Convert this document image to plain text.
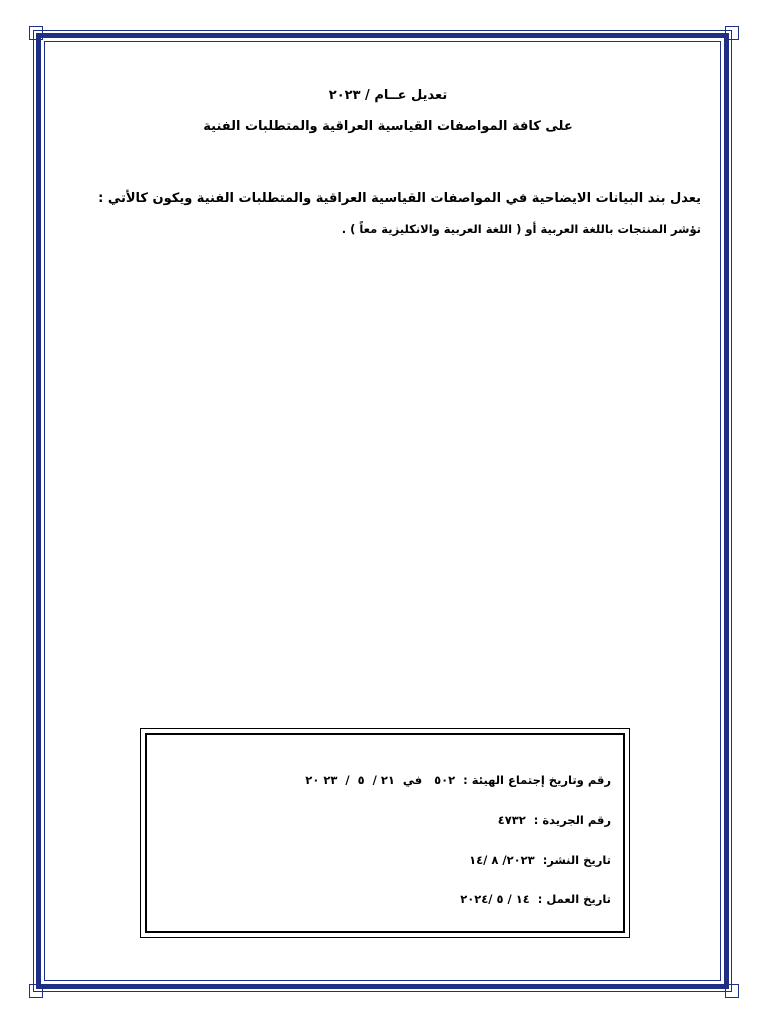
تعديل عــام / ٢٠٢٣
على كافة المواصفات القياسية العراقية والمتطلبات الفنية
يعدل بند البيانات الايضاحية في المواصفات القياسية العراقية والمتطلبات الفنية ويكون كالأتي :
تؤشر المنتجات باللغة العربية أو ( اللغة العربية والانكليزية معاً ) .
رقم وتاريخ إجتماع الهيئة :  ٥٠٢   في  ٢١ /  ٥  /  ٢٣ ٢٠
رقم الجريدة :  ٤٧٣٢
تاريخ النشر:  ٢٠٢٣/ ٨ /١٤
تاريخ العمل :  ١٤ / ٥ /٢٠٢٤
